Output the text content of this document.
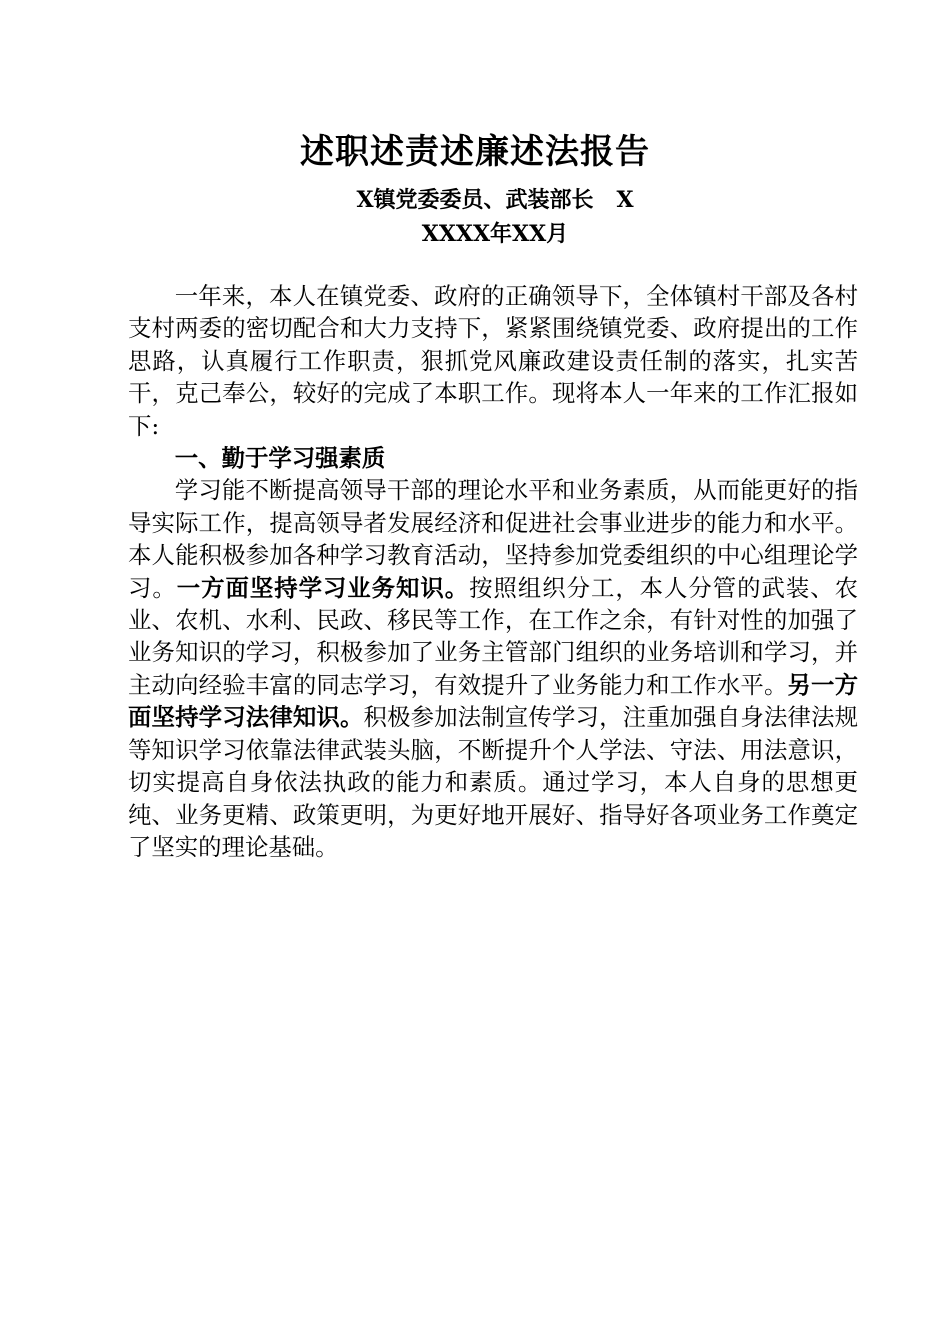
述职述责述廉述法报告
X镇党委委员、武装部长   X
XXXX年XX月

一年来，本人在镇党委、政府的正确领导下，全体镇村干部及各村支村两委的密切配合和大力支持下，紧紧围绕镇党委、政府提出的工作思路，认真履行工作职责，狠抓党风廉政建设责任制的落实，扎实苦干，克己奉公，较好的完成了本职工作。现将本人一年来的工作汇报如下:

一、勤于学习强素质

学习能不断提高领导干部的理论水平和业务素质，从而能更好的指导实际工作，提高领导者发展经济和促进社会事业进步的能力和水平。本人能积极参加各种学习教育活动，坚持参加党委组织的中心组理论学习。一方面坚持学习业务知识。按照组织分工，本人分管的武装、农业、农机、水利、民政、移民等工作，在工作之余，有针对性的加强了业务知识的学习，积极参加了业务主管部门组织的业务培训和学习，并主动向经验丰富的同志学习，有效提升了业务能力和工作水平。另一方面坚持学习法律知识。积极参加法制宣传学习，注重加强自身法律法规等知识学习依靠法律武装头脑，不断提升个人学法、守法、用法意识，切实提高自身依法执政的能力和素质。通过学习，本人自身的思想更纯、业务更精、政策更明，为更好地开展好、指导好各项业务工作奠定了坚实的理论基础。
